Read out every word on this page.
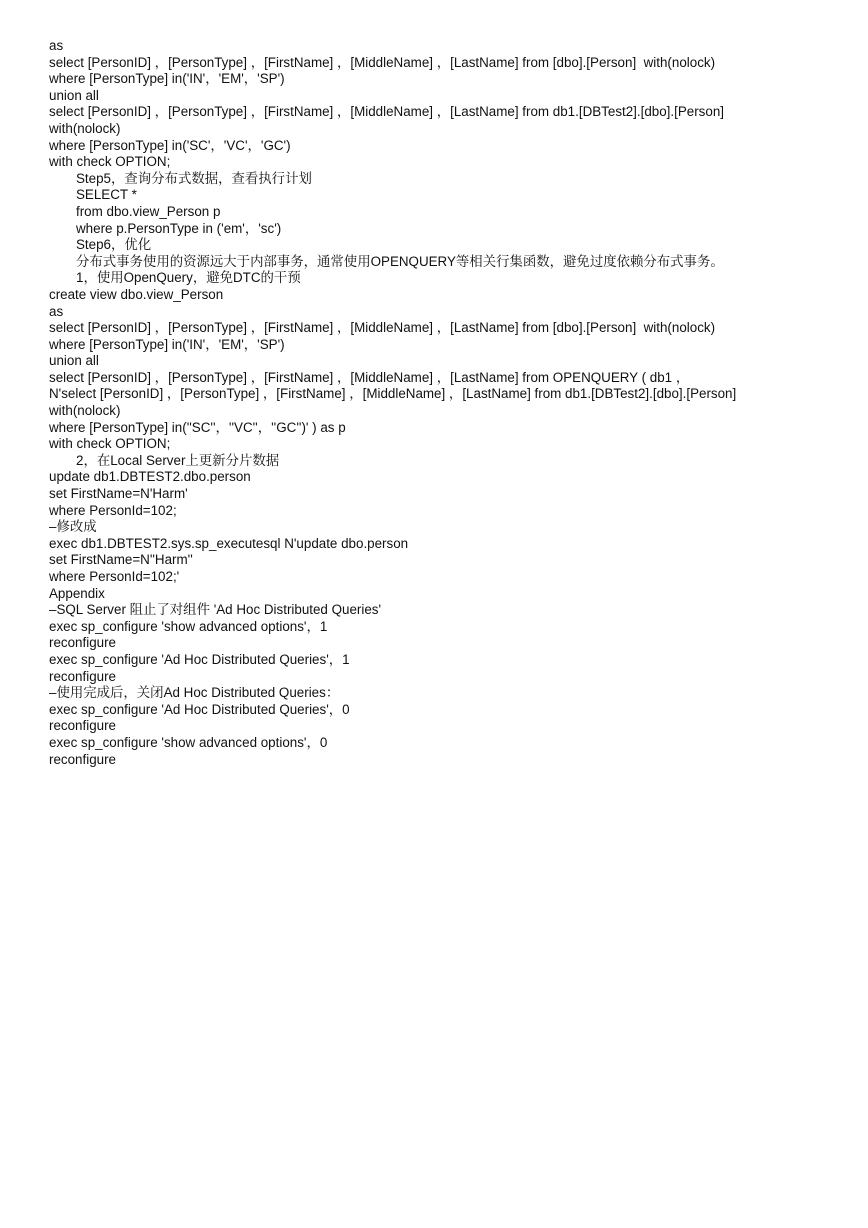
as
select [PersonID] ，[PersonType] ，[FirstName] ，[MiddleName] ，[LastName] from [dbo].[Person]  with(nolock)
where [PersonType] in('IN'，'EM'，'SP')
union all
select [PersonID] ，[PersonType] ，[FirstName] ，[MiddleName] ，[LastName] from db1.[DBTest2].[dbo].[Person]
with(nolock)
where [PersonType] in('SC'，'VC'，'GC')
with check OPTION;
Step5，查询分布式数据，查看执行计划
SELECT *
from dbo.view_Person p
where p.PersonType in ('em'，'sc')
Step6，优化
分布式事务使用的资源远大于内部事务，通常使用OPENQUERY等相关行集函数，避免过度依赖分布式事务。
1，使用OpenQuery，避免DTC的干预
create view dbo.view_Person
as
select [PersonID] ，[PersonType] ，[FirstName] ，[MiddleName] ，[LastName] from [dbo].[Person]  with(nolock)
where [PersonType] in('IN'，'EM'，'SP')
union all
select [PersonID] ，[PersonType] ，[FirstName] ，[MiddleName] ，[LastName] from OPENQUERY ( db1 ，
N'select [PersonID] ，[PersonType] ，[FirstName] ，[MiddleName] ，[LastName] from db1.[DBTest2].[dbo].[Person]
with(nolock)
where [PersonType] in(''SC''，''VC''，''GC'')' ) as p
with check OPTION;
2，在Local Server上更新分片数据
update db1.DBTEST2.dbo.person
set FirstName=N'Harm'
where PersonId=102;
–修改成
exec db1.DBTEST2.sys.sp_executesql N'update dbo.person
set FirstName=N''Harm''
where PersonId=102;'
Appendix
–SQL Server 阻止了对组件 'Ad Hoc Distributed Queries'
exec sp_configure 'show advanced options'，1
reconfigure
exec sp_configure 'Ad Hoc Distributed Queries'，1
reconfigure
–使用完成后，关闭Ad Hoc Distributed Queries：
exec sp_configure 'Ad Hoc Distributed Queries'，0
reconfigure
exec sp_configure 'show advanced options'，0
reconfigure
